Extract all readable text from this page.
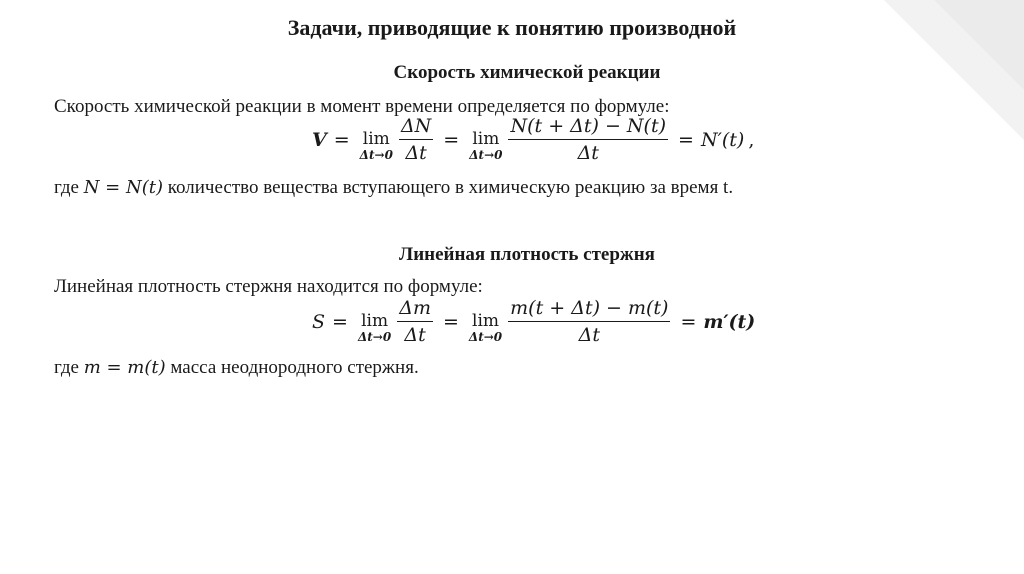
Задачи, приводящие к понятию производной
Скорость химической реакции
Скорость химической реакции в момент времени определяется по формуле:
V = lim
$\Delta t\to 0 \frac{\Delta N}{\Delta t} = \lim$
$\Delta t\to 0 \frac{N(t + \Delta t) - N(t)}{\Delta t} = N'(t)$ ,
где N = N(t) количество вещества вступающего в химическую реакцию за время t.
Линейная плотность стержня
Линейная плотность стержня находится по формуле:
S = lim
$\Delta t\to 0 \frac{\Delta m}{\Delta t} = \lim$
$\Delta t\to 0 \frac{m(t + \Delta t) - m(t)}{\Delta t} = m'(t)$
где m = m(t) масса неоднородного стержня.
